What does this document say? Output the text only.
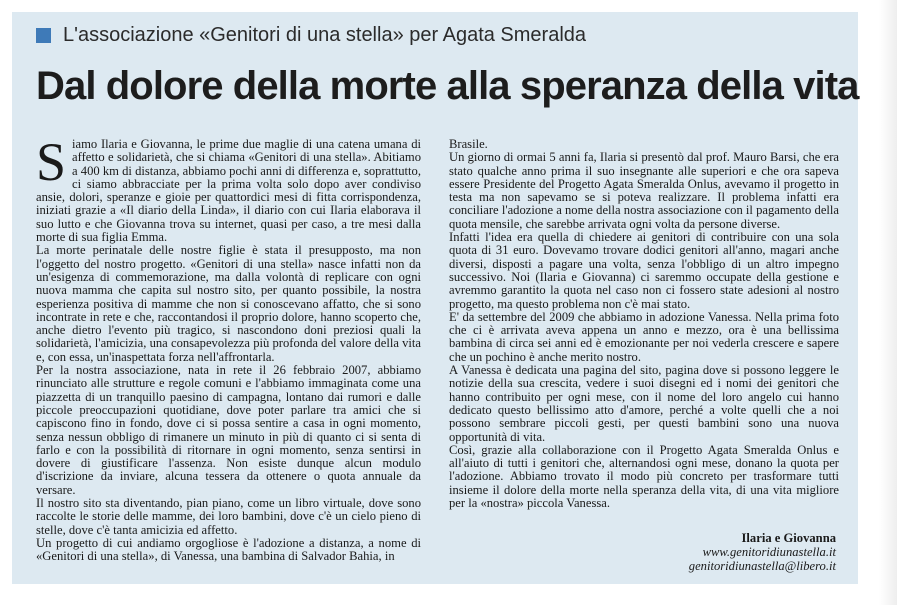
L'associazione «Genitori di una stella» per Agata Smeralda
Dal dolore della morte alla speranza della vita

Siamo Ilaria e Giovanna, le prime due maglie di una catena umana di affetto e solidarietà, che si chiama «Genitori di una stella». Abitiamo a 400 km di distanza, abbiamo pochi anni di differenza e, soprattutto, ci siamo abbracciate per la prima volta solo dopo aver condiviso ansie, dolori, speranze e gioie per quattordici mesi di fitta corrispondenza, iniziati grazie a «Il diario della Linda», il diario con cui Ilaria elaborava il suo lutto e che Giovanna trova su internet, quasi per caso, a tre mesi dalla morte di sua figlia Emma.

La morte perinatale delle nostre figlie è stata il presupposto, ma non l'oggetto del nostro progetto. «Genitori di una stella» nasce infatti non da un'esigenza di commemorazione, ma dalla volontà di replicare con ogni nuova mamma che capita sul nostro sito, per quanto possibile, la nostra esperienza positiva di mamme che non si conoscevano affatto, che si sono incontrate in rete e che, raccontandosi il proprio dolore, hanno scoperto che, anche dietro l'evento più tragico, si nascondono doni preziosi quali la solidarietà, l'amicizia, una consapevolezza più profonda del valore della vita e, con essa, un'inaspettata forza nell'affrontarla.

Per la nostra associazione, nata in rete il 26 febbraio 2007, abbiamo rinunciato alle strutture e regole comuni e l'abbiamo immaginata come una piazzetta di un tranquillo paesino di campagna, lontano dai rumori e dalle piccole preoccupazioni quotidiane, dove poter parlare tra amici che si capiscono fino in fondo, dove ci si possa sentire a casa in ogni momento, senza nessun obbligo di rimanere un minuto in più di quanto ci si senta di farlo e con la possibilità di ritornare in ogni momento, senza sentirsi in dovere di giustificare l'assenza. Non esiste dunque alcun modulo d'iscrizione da inviare, alcuna tessera da ottenere o quota annuale da versare.

Il nostro sito sta diventando, pian piano, come un libro virtuale, dove sono raccolte le storie delle mamme, dei loro bambini, dove c'è un cielo pieno di stelle, dove c'è tanta amicizia ed affetto.

Un progetto di cui andiamo orgogliose è l'adozione a distanza, a nome di «Genitori di una stella», di Vanessa, una bambina di Salvador Bahia, in

Brasile.

Un giorno di ormai 5 anni fa, Ilaria si presentò dal prof. Mauro Barsi, che era stato qualche anno prima il suo insegnante alle superiori e che ora sapeva essere Presidente del Progetto Agata Smeralda Onlus, avevamo il progetto in testa ma non sapevamo se si poteva realizzare. Il problema infatti era conciliare l'adozione a nome della nostra associazione con il pagamento della quota mensile, che sarebbe arrivata ogni volta da persone diverse.

Infatti l'idea era quella di chiedere ai genitori di contribuire con una sola quota di 31 euro. Dovevamo trovare dodici genitori all'anno, magari anche diversi, disposti a pagare una volta, senza l'obbligo di un altro impegno successivo. Noi (Ilaria e Giovanna) ci saremmo occupate della gestione e avremmo garantito la quota nel caso non ci fossero state adesioni al nostro progetto, ma questo problema non c'è mai stato.

E' da settembre del 2009 che abbiamo in adozione Vanessa. Nella prima foto che ci è arrivata aveva appena un anno e mezzo, ora è una bellissima bambina di circa sei anni ed è emozionante per noi vederla crescere e sapere che un pochino è anche merito nostro.

A Vanessa è dedicata una pagina del sito, pagina dove si possono leggere le notizie della sua crescita, vedere i suoi disegni ed i nomi dei genitori che hanno contribuito per ogni mese, con il nome del loro angelo cui hanno dedicato questo bellissimo atto d'amore, perché a volte quelli che a noi possono sembrare piccoli gesti, per questi bambini sono una nuova opportunità di vita.

Così, grazie alla collaborazione con il Progetto Agata Smeralda Onlus e all'aiuto di tutti i genitori che, alternandosi ogni mese, donano la quota per l'adozione. Abbiamo trovato il modo più concreto per trasformare tutti insieme il dolore della morte nella speranza della vita, di una vita migliore per la «nostra» piccola Vanessa.

Ilaria e Giovanna
www.genitoridiunastella.it
genitoridiunastella@libero.it
